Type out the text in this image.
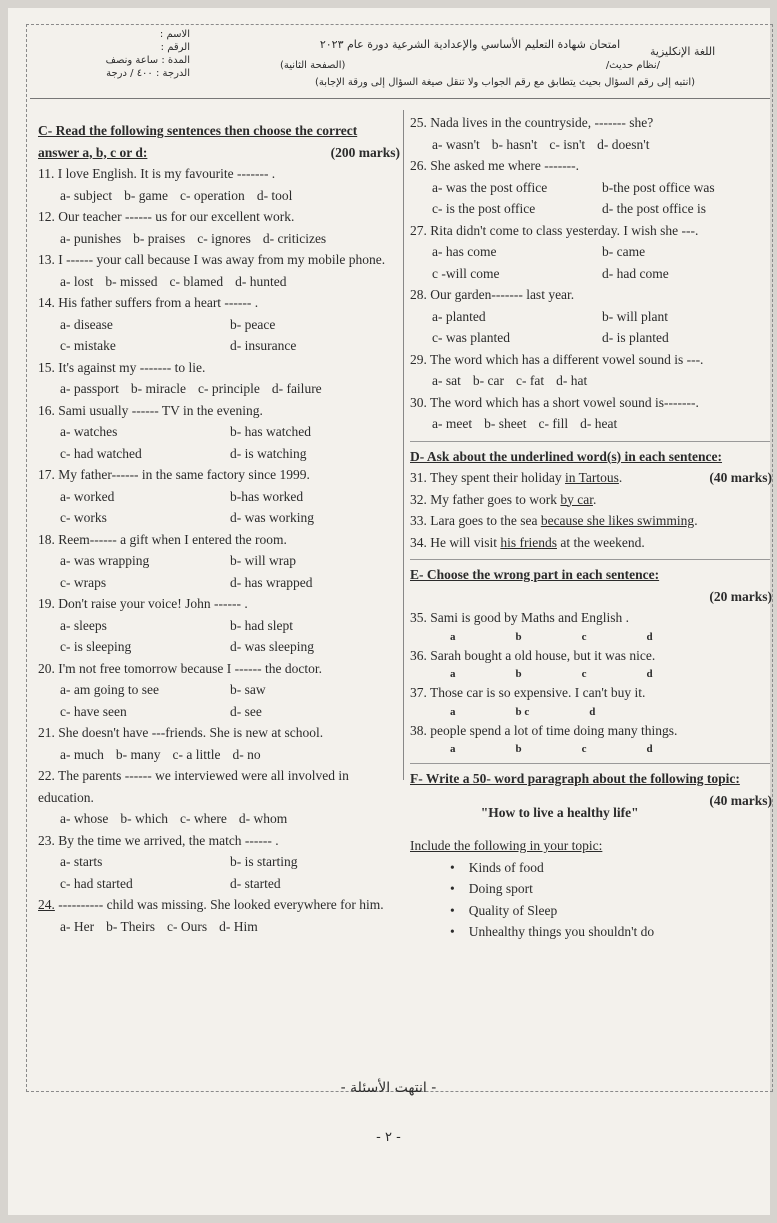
الاسم :
الرقم :
المدة : ساعة ونصف
الدرجة : ٤٠٠ / درجة
امتحان شهادة التعليم الأساسي والإعدادية الشرعية دورة عام ٢٠٢٣
اللغة الإنكليزية
/نظام حديث/
(الصفحة الثانية)
(انتبه إلى رقم السؤال بحيث يتطابق مع رقم الجواب ولا تنقل صيغة السؤال إلى ورقة الإجابة)
C- Read the following sentences then choose the correct answer a, b, c or d:	(200 marks)
11. I love English. It is my favourite ------- .
a- subject b- game c- operation d- tool
12. Our teacher ------ us for our excellent work.
a- punishes b- praises c- ignores d- criticizes
13. I ------ your call because I was away from my mobile phone.
a- lost b- missed c- blamed d- hunted
14. His father suffers from a heart ------ .
a- disease	b- peace
c- mistake	d- insurance
15. It's against my ------- to lie.
a- passport b- miracle c- principle d- failure
16. Sami usually ------ TV in the evening.
a- watches	b- has watched
c- had watched	d- is watching
17. My father------ in the same factory since 1999.
a- worked	b-has worked
c- works	d- was working
18. Reem------ a gift when I entered the room.
a- was wrapping	b- will wrap
c- wraps	d- has wrapped
19. Don't raise your voice! John ------ .
a- sleeps	b- had slept
c- is sleeping	d- was sleeping
20. I'm not free tomorrow because I ------ the doctor.
a- am going to see	b- saw
c- have seen	d- see
21. She doesn't have ---friends. She is new at school.
a- much b- many c- a little d- no
22. The parents ------ we interviewed were all involved in education.
a- whose b- which c- where d- whom
23. By the time we arrived, the match ------ .
a- starts	b- is starting
c- had started	d- started
24. ---------- child was missing. She looked everywhere for him.
a- Her b- Theirs c- Ours d- Him
25. Nada lives in the countryside, ------- she?
a- wasn't b- hasn't c- isn't d- doesn't
26. She asked me where -------.
a- was the post office	b-the post office was
c- is the post office	d- the post office is
27. Rita didn't come to class yesterday. I wish she ---.
a- has come	b- came
c -will come	d- had come
28. Our garden------- last year.
a- planted	b- will plant
c- was planted	d- is planted
29. The word which has a different vowel sound is ---.
a- sat b- car c- fat d- hat
30. The word which has a short vowel sound is-------.
a- meet b- sheet c- fill d- heat
D- Ask about the underlined word(s) in each sentence:
(40 marks)
31. They spent their holiday in Tartous.
32. My father goes to work by car.
33. Lara goes to the sea because she likes swimming.
34. He will visit his friends at the weekend.
E- Choose the wrong part in each sentence:
(20 marks)
35. Sami is good by Maths and English .
a	b	c	d
36. Sarah bought a old house, but it was nice.
a	b	c	d
37. Those car is so expensive. I can't buy it.
a	b c	d
38. people spend a lot of time doing many things.
a	b	c	d
F- Write a 50- word paragraph about the following topic:
(40 marks)
"How to live a healthy life"
Include the following in your topic:
• Kinds of food
• Doing sport
• Quality of Sleep
• Unhealthy things you shouldn't do
- انتهت الأسئلة -
- ٢ -
